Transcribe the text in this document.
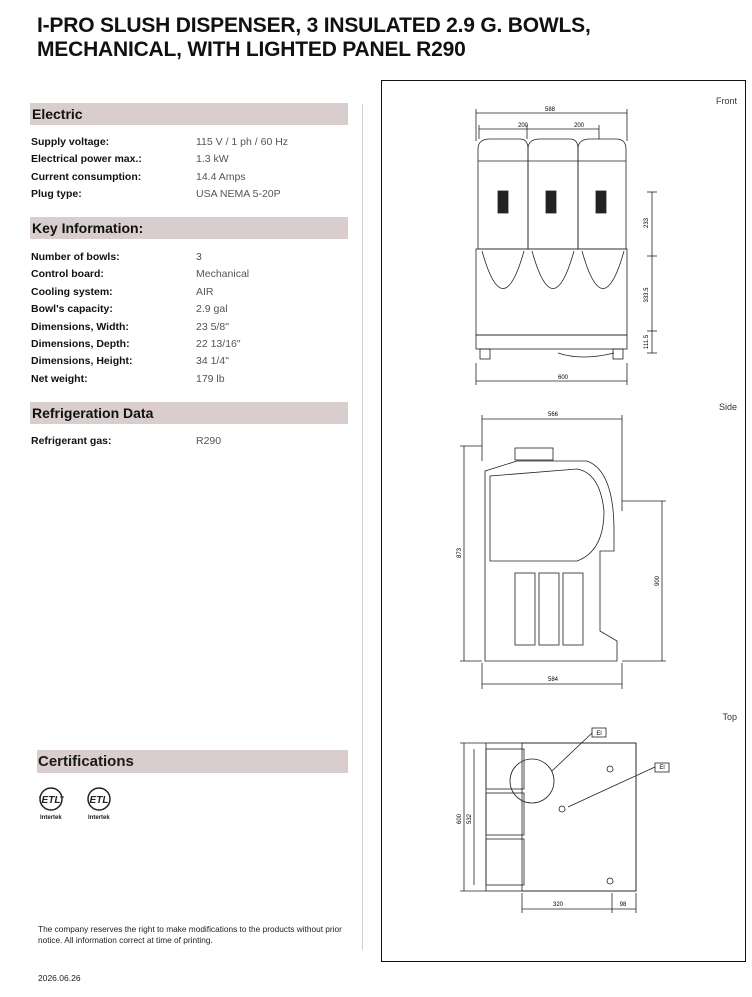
I-PRO SLUSH DISPENSER, 3 INSULATED 2.9 G. BOWLS,
MECHANICAL, WITH LIGHTED PANEL R290
Electric
Supply voltage:	115 V / 1 ph / 60 Hz
Electrical power max.:	1.3 kW
Current consumption:	14.4 Amps
Plug type:	USA NEMA 5-20P
Key Information:
Number of bowls:	3
Control board:	Mechanical
Cooling system:	AIR
Bowl's capacity:	2.9 gal
Dimensions, Width:	23 5/8"
Dimensions, Depth:	22 13/16"
Dimensions, Height:	34 1/4"
Net weight:	179 lb
Refrigeration Data
Refrigerant gas:	R290
Certifications
ETL
c	us	ETL
Intertek	Intertek
The company reserves the right to make modifications to the products without prior notice. All information correct at time of printing.
2026.06.26
Front
Side
Top
588
200	200
233
333.5
111.5
600
566
873
900
584
El
El
600 532
320	98
